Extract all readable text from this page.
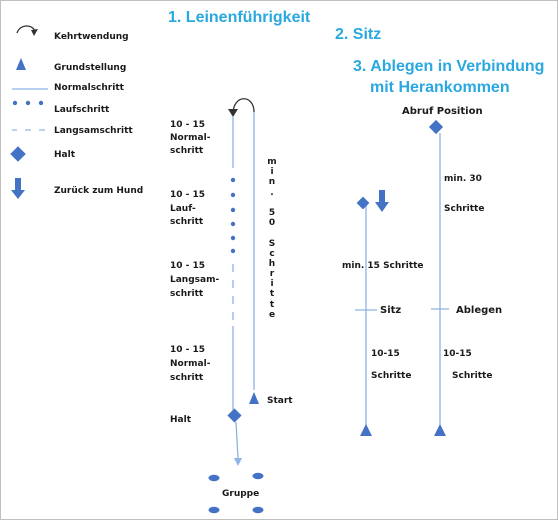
1. Leinenführigkeit
2. Sitz
3. Ablegen in Verbindung
mit Herankommen
Kehrtwendung
Grundstellung
Normalschritt
Laufschritt
Langsamschritt
Halt
Zurück zum Hund
10 - 15
Normal-
schritt
10 - 15
Lauf-
schritt
10 - 15
Langsam-
schritt
10 - 15
Normal-
schritt
m
i
n
.
5
0
S
c
h
r
i
t
t
e
Start
Halt
Gruppe
min. 15 Schritte
Sitz
10-15
Schritte
Abruf Position
min. 30
Schritte
Ablegen
10-15
Schritte
